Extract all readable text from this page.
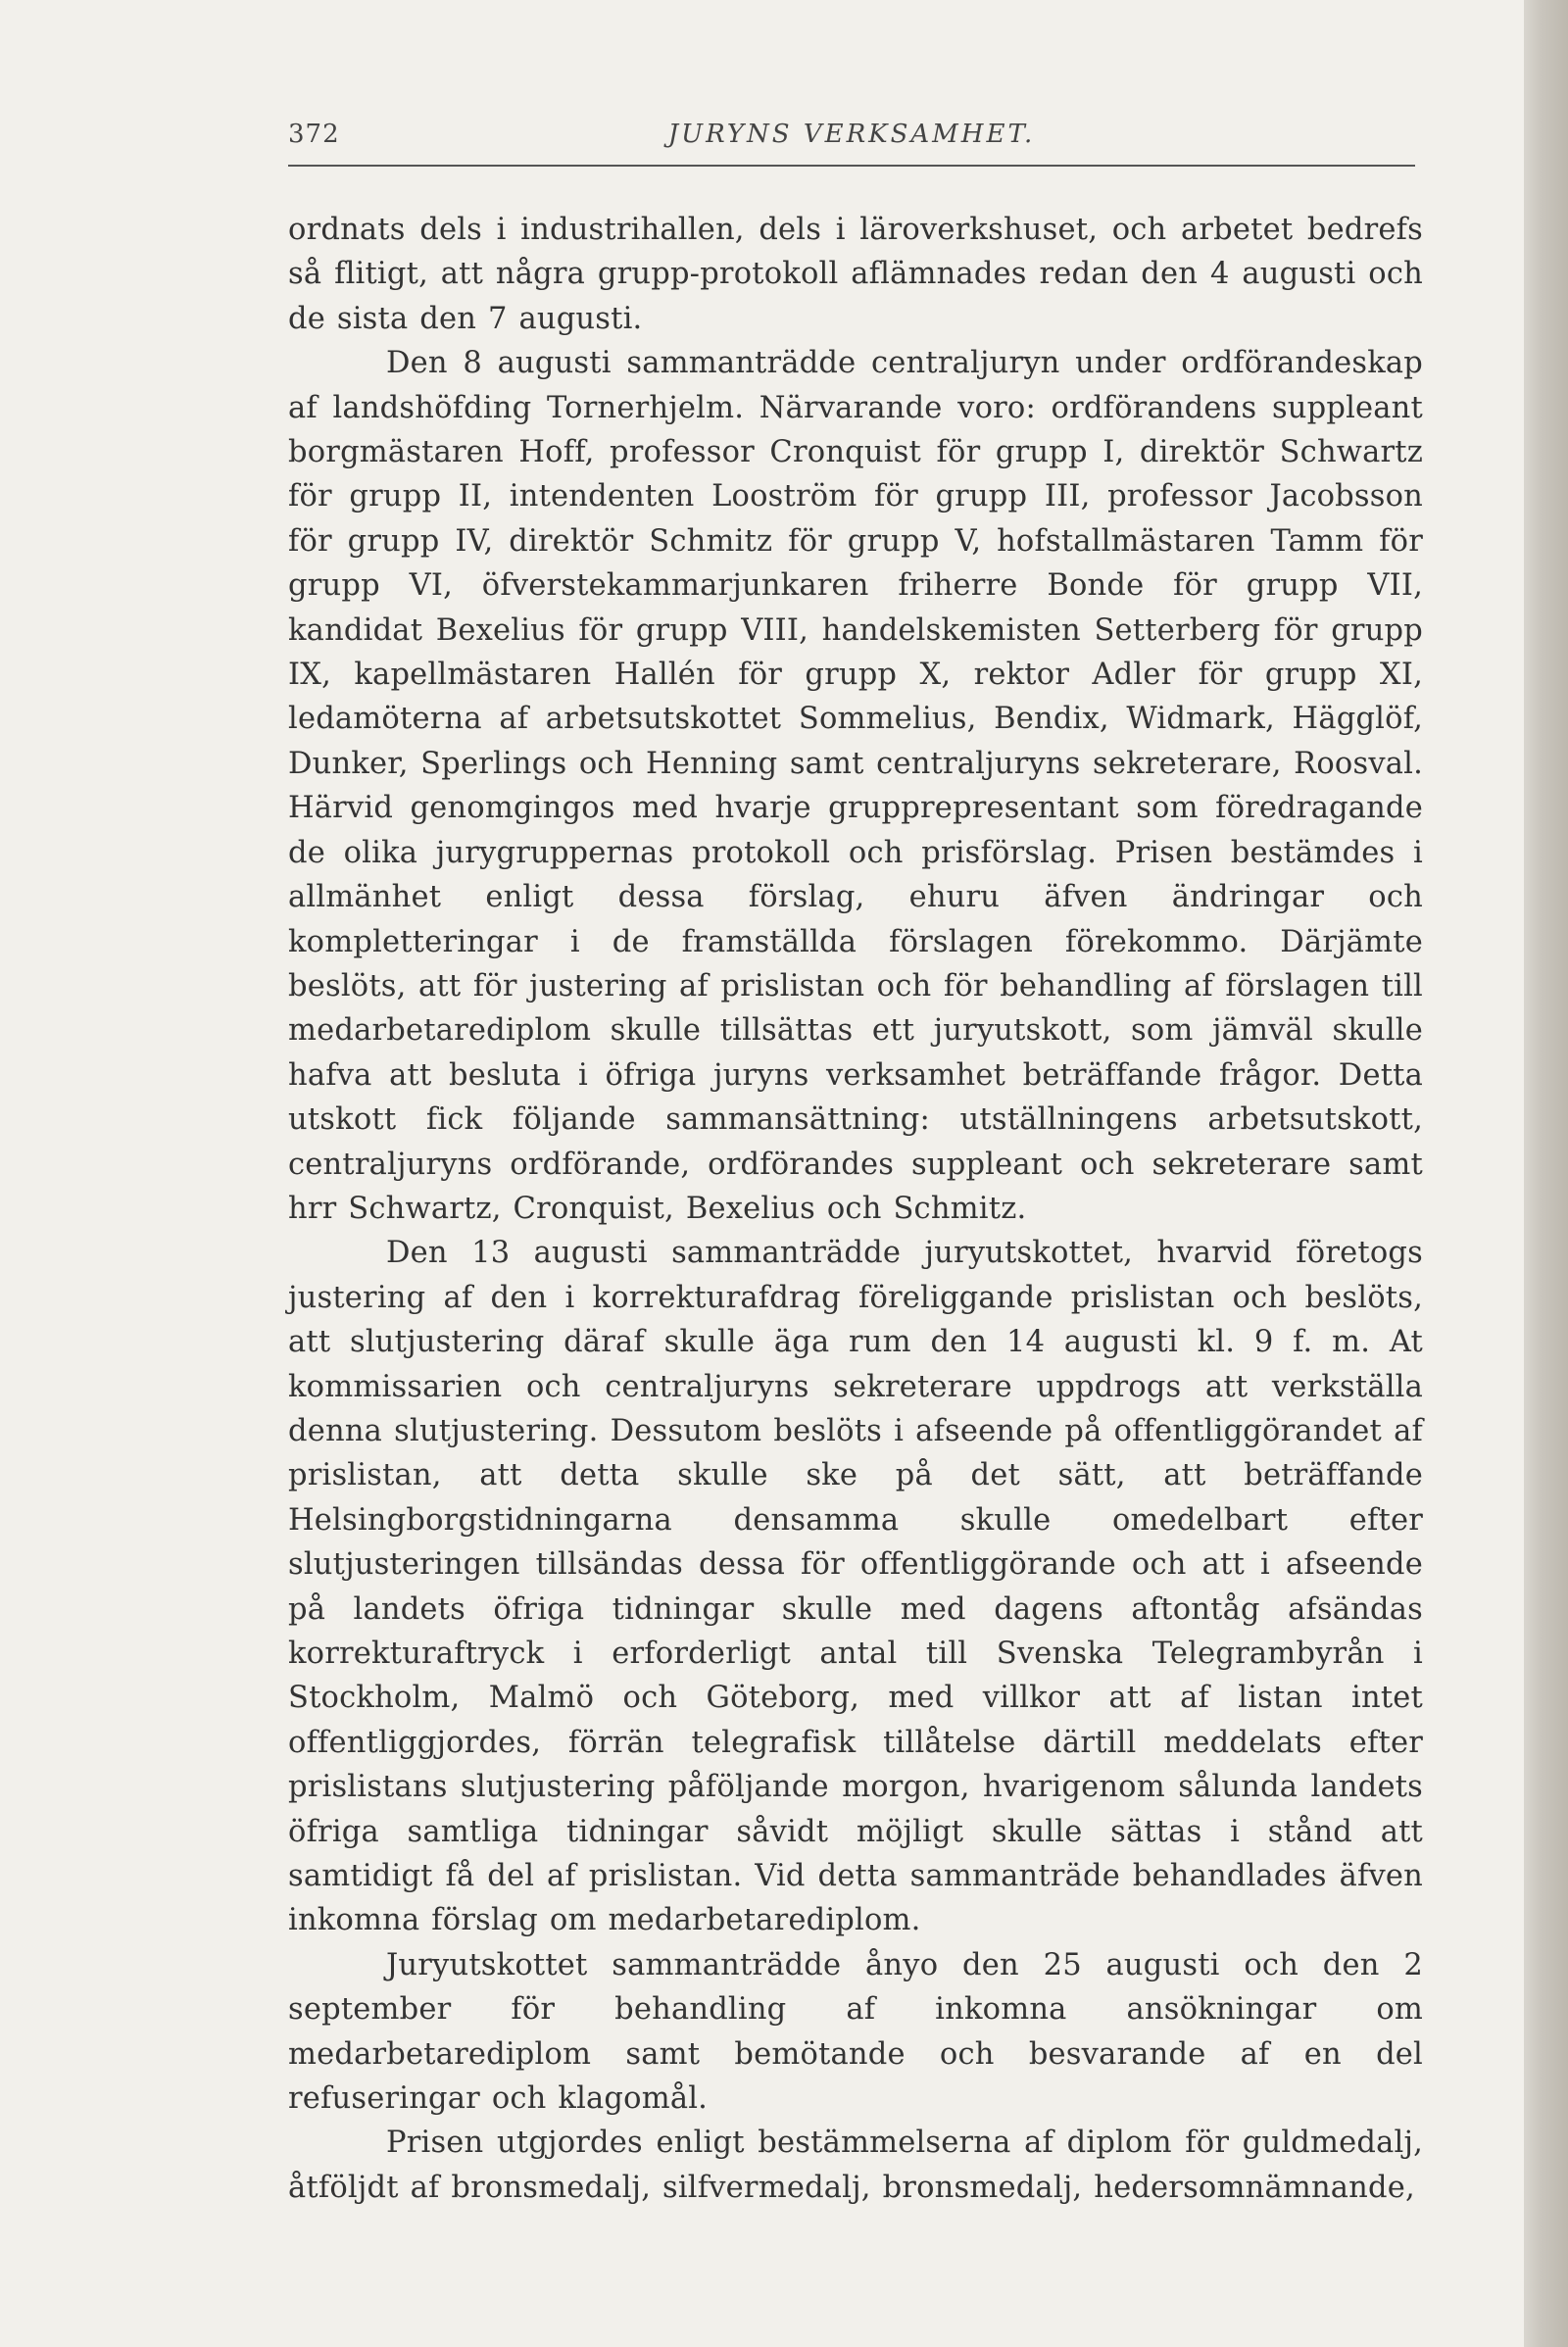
372	JURYNS VERKSAMHET.

ordnats dels i industrihallen, dels i läroverkshuset, och arbetet bedrefs så flitigt, att några grupp-protokoll aflämnades redan den 4 augusti och de sista den 7 augusti.

Den 8 augusti sammanträdde centraljuryn under ordförandeskap af landshöfding Tornerhjelm. Närvarande voro: ordförandens suppleant borgmästaren Hoff, professor Cronquist för grupp I, direktör Schwartz för grupp II, intendenten Looström för grupp III, professor Jacobsson för grupp IV, direktör Schmitz för grupp V, hofstallmästaren Tamm för grupp VI, öfverstekammarjunkaren friherre Bonde för grupp VII, kandidat Bexelius för grupp VIII, handelskemisten Setterberg för grupp IX, kapellmästaren Hallén för grupp X, rektor Adler för grupp XI, ledamöterna af arbetsutskottet Sommelius, Bendix, Widmark, Hägglöf, Dunker, Sperlings och Henning samt centraljuryns sekreterare, Roosval. Härvid genomgingos med hvarje grupprepresentant som föredragande de olika jurygruppernas protokoll och prisförslag. Prisen bestämdes i allmänhet enligt dessa förslag, ehuru äfven ändringar och kompletteringar i de framställda förslagen förekommo. Därjämte beslöts, att för justering af prislistan och för behandling af förslagen till medarbetarediplom skulle tillsättas ett juryutskott, som jämväl skulle hafva att besluta i öfriga juryns verksamhet beträffande frågor. Detta utskott fick följande sammansättning: utställningens arbetsutskott, centraljuryns ordförande, ordförandes suppleant och sekreterare samt hrr Schwartz, Cronquist, Bexelius och Schmitz.

Den 13 augusti sammanträdde juryutskottet, hvarvid företogs justering af den i korrekturafdrag föreliggande prislistan och beslöts, att slutjustering däraf skulle äga rum den 14 augusti kl. 9 f. m. At kommissarien och centraljuryns sekreterare uppdrogs att verkställa denna slutjustering. Dessutom beslöts i afseende på offentliggörandet af prislistan, att detta skulle ske på det sätt, att beträffande Helsingborgstidningarna densamma skulle omedelbart efter slutjusteringen tillsändas dessa för offentliggörande och att i afseende på landets öfriga tidningar skulle med dagens aftontåg afsändas korrekturaftryck i erforderligt antal till Svenska Telegrambyrån i Stockholm, Malmö och Göteborg, med villkor att af listan intet offentliggjordes, förrän telegrafisk tillåtelse därtill meddelats efter prislistans slutjustering påföljande morgon, hvarigenom sålunda landets öfriga samtliga tidningar såvidt möjligt skulle sättas i stånd att samtidigt få del af prislistan. Vid detta sammanträde behandlades äfven inkomna förslag om medarbetarediplom.

Juryutskottet sammanträdde ånyo den 25 augusti och den 2 september för behandling af inkomna ansökningar om medarbetarediplom samt bemötande och besvarande af en del refuseringar och klagomål.

Prisen utgjordes enligt bestämmelserna af diplom för guldmedalj, åtföljdt af bronsmedalj, silfvermedalj, bronsmedalj, hedersomnämnande,
